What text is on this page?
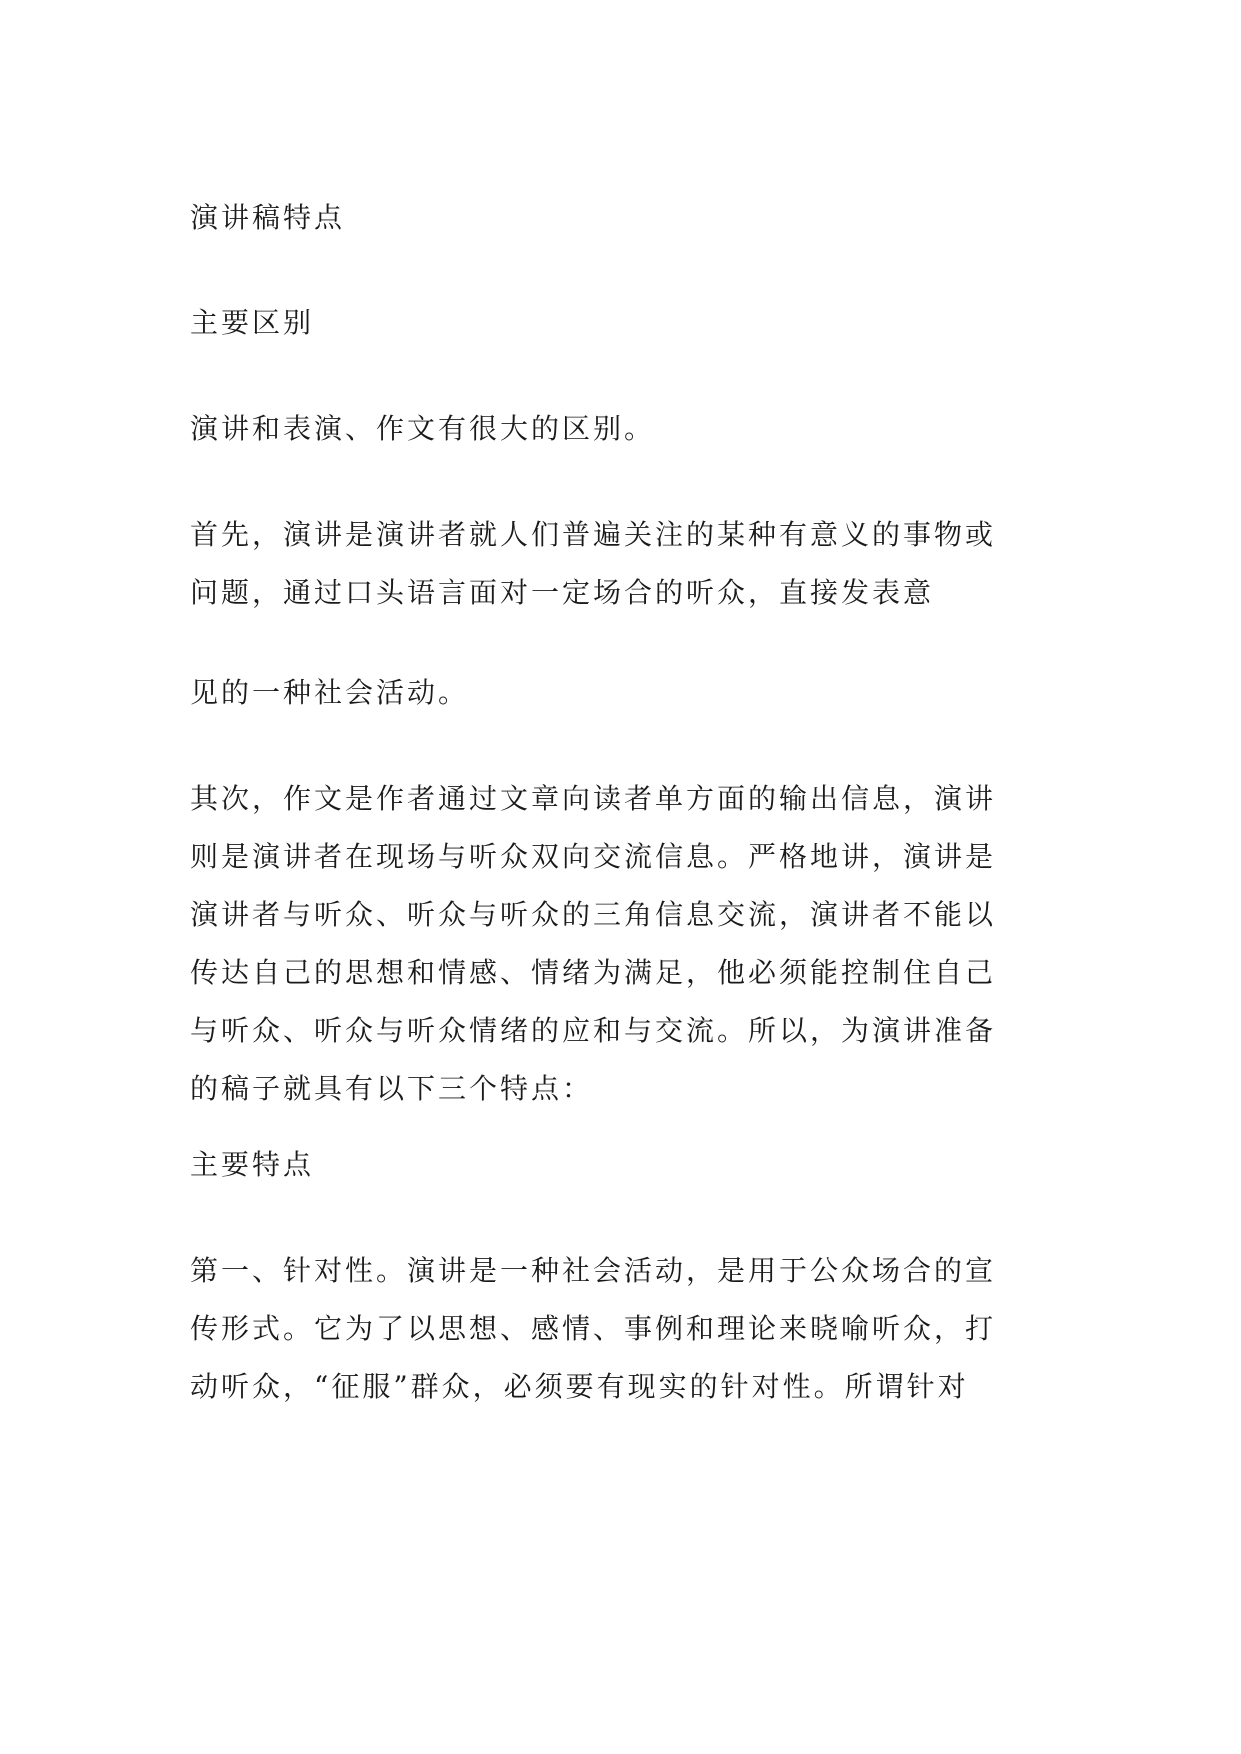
演讲稿特点
主要区别
演讲和表演、作文有很大的区别。
首先，演讲是演讲者就人们普遍关注的某种有意义的事物或
问题，通过口头语言面对一定场合的听众，直接发表意
见的一种社会活动。
其次，作文是作者通过文章向读者单方面的输出信息，演讲
则是演讲者在现场与听众双向交流信息。严格地讲，演讲是
演讲者与听众、听众与听众的三角信息交流，演讲者不能以
传达自己的思想和情感、情绪为满足，他必须能控制住自己
与听众、听众与听众情绪的应和与交流。所以，为演讲准备
的稿子就具有以下三个特点：
主要特点
第一、针对性。演讲是一种社会活动，是用于公众场合的宣
传形式。它为了以思想、感情、事例和理论来晓喻听众，打
动听众，“征服”群众，必须要有现实的针对性。所谓针对
